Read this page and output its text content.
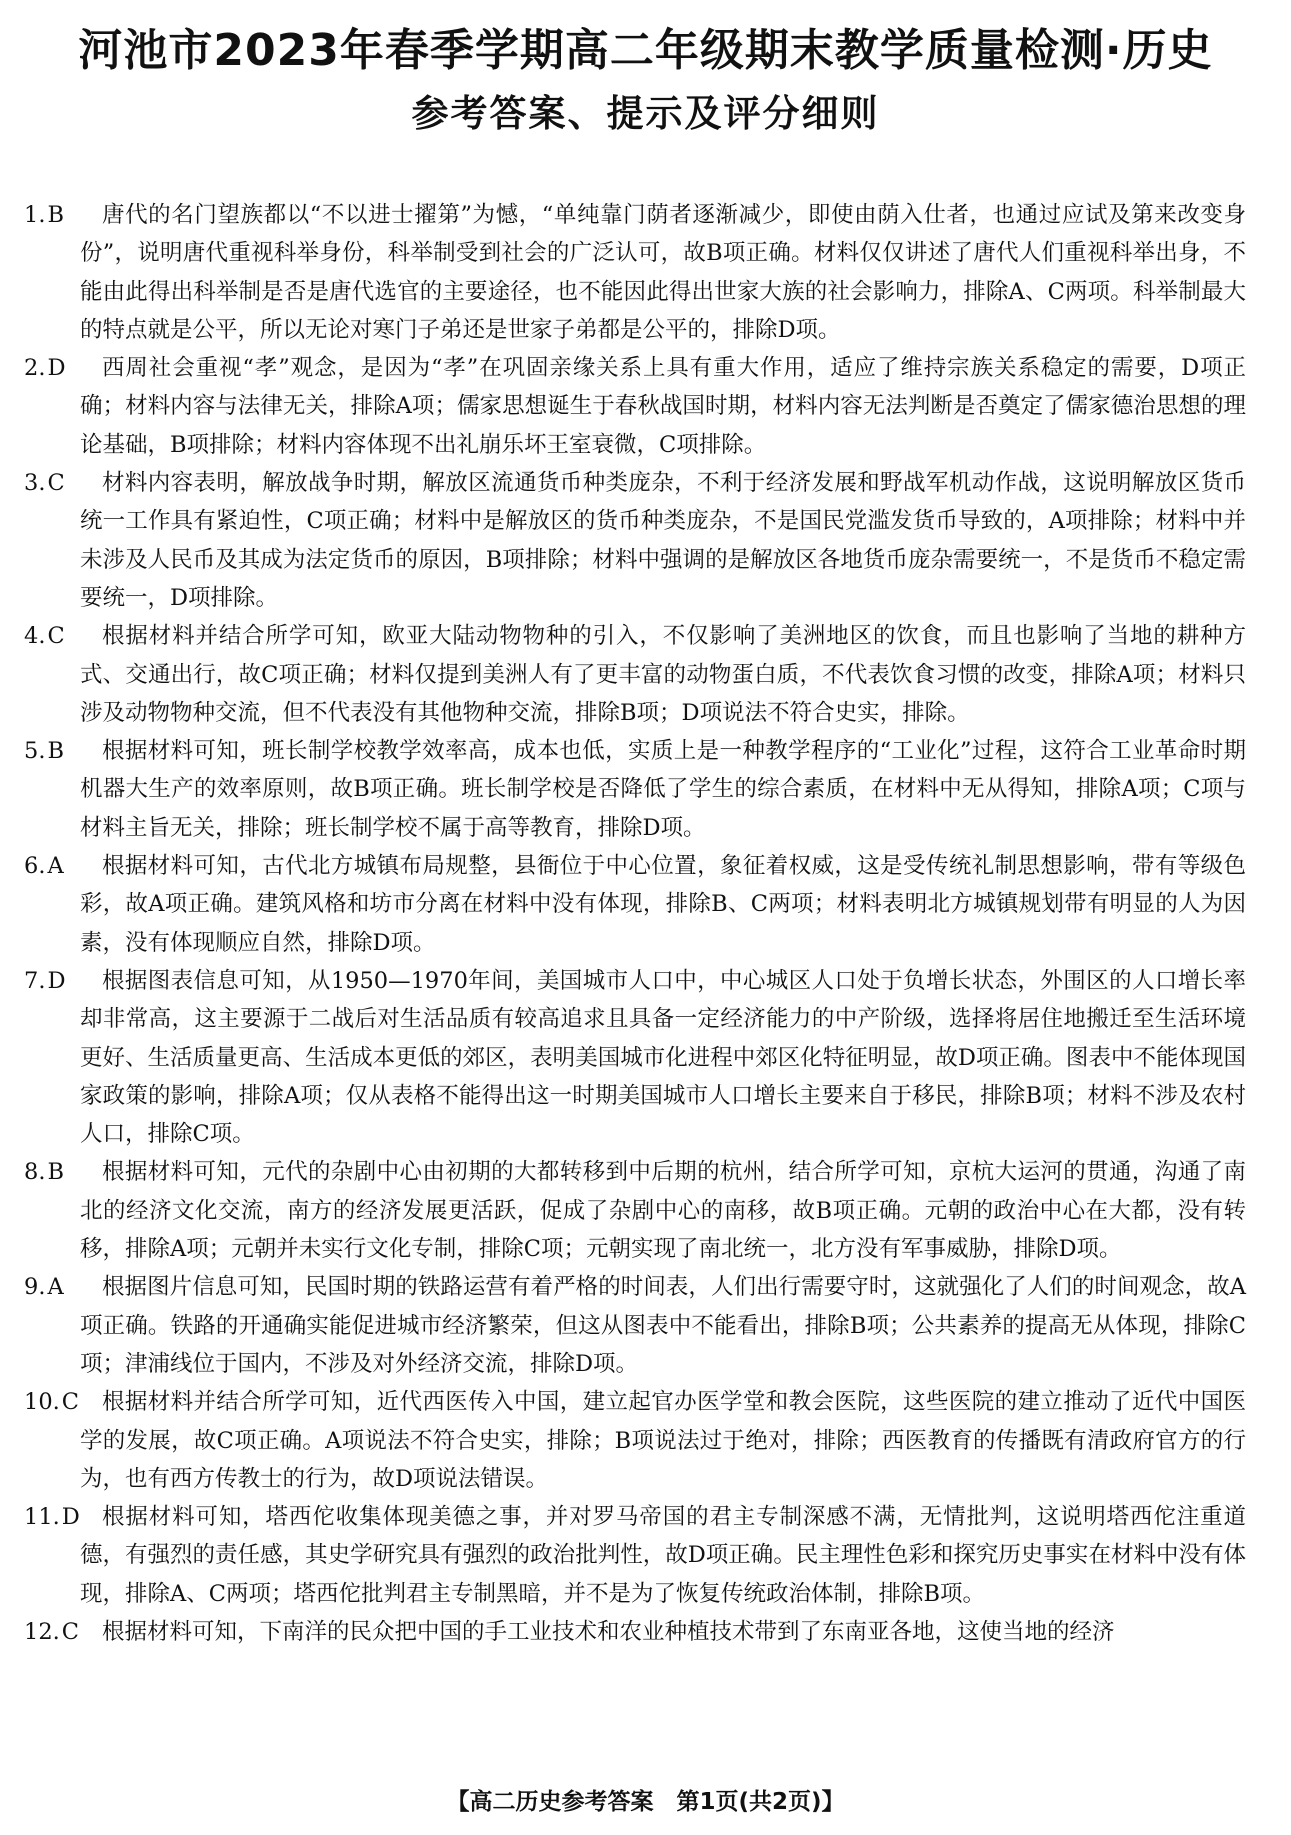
河池市2023年春季学期高二年级期末教学质量检测·历史
参考答案、提示及评分细则
1.B	唐代的名门望族都以“不以进士擢第”为憾，“单纯靠门荫者逐渐减少，即使由荫入仕者，也通过应试及第来改变身份”，说明唐代重视科举身份，科举制受到社会的广泛认可，故B项正确。材料仅仅讲述了唐代人们重视科举出身，不能由此得出科举制是否是唐代选官的主要途径，也不能因此得出世家大族的社会影响力，排除A、C两项。科举制最大的特点就是公平，所以无论对寒门子弟还是世家子弟都是公平的，排除D项。
2.D	西周社会重视“孝”观念，是因为“孝”在巩固亲缘关系上具有重大作用，适应了维持宗族关系稳定的需要，D项正确；材料内容与法律无关，排除A项；儒家思想诞生于春秋战国时期，材料内容无法判断是否奠定了儒家德治思想的理论基础，B项排除；材料内容体现不出礼崩乐坏王室衰微，C项排除。
3.C	材料内容表明，解放战争时期，解放区流通货币种类庞杂，不利于经济发展和野战军机动作战，这说明解放区货币统一工作具有紧迫性，C项正确；材料中是解放区的货币种类庞杂，不是国民党滥发货币导致的，A项排除；材料中并未涉及人民币及其成为法定货币的原因，B项排除；材料中强调的是解放区各地货币庞杂需要统一，不是货币不稳定需要统一，D项排除。
4.C	根据材料并结合所学可知，欧亚大陆动物物种的引入，不仅影响了美洲地区的饮食，而且也影响了当地的耕种方式、交通出行，故C项正确；材料仅提到美洲人有了更丰富的动物蛋白质，不代表饮食习惯的改变，排除A项；材料只涉及动物物种交流，但不代表没有其他物种交流，排除B项；D项说法不符合史实，排除。
5.B	根据材料可知，班长制学校教学效率高，成本也低，实质上是一种教学程序的“工业化”过程，这符合工业革命时期机器大生产的效率原则，故B项正确。班长制学校是否降低了学生的综合素质，在材料中无从得知，排除A项；C项与材料主旨无关，排除；班长制学校不属于高等教育，排除D项。
6.A	根据材料可知，古代北方城镇布局规整，县衙位于中心位置，象征着权威，这是受传统礼制思想影响，带有等级色彩，故A项正确。建筑风格和坊市分离在材料中没有体现，排除B、C两项；材料表明北方城镇规划带有明显的人为因素，没有体现顺应自然，排除D项。
7.D	根据图表信息可知，从1950—1970年间，美国城市人口中，中心城区人口处于负增长状态，外围区的人口增长率却非常高，这主要源于二战后对生活品质有较高追求且具备一定经济能力的中产阶级，选择将居住地搬迁至生活环境更好、生活质量更高、生活成本更低的郊区，表明美国城市化进程中郊区化特征明显，故D项正确。图表中不能体现国家政策的影响，排除A项；仅从表格不能得出这一时期美国城市人口增长主要来自于移民，排除B项；材料不涉及农村人口，排除C项。
8.B	根据材料可知，元代的杂剧中心由初期的大都转移到中后期的杭州，结合所学可知，京杭大运河的贯通，沟通了南北的经济文化交流，南方的经济发展更活跃，促成了杂剧中心的南移，故B项正确。元朝的政治中心在大都，没有转移，排除A项；元朝并未实行文化专制，排除C项；元朝实现了南北统一，北方没有军事威胁，排除D项。
9.A	根据图片信息可知，民国时期的铁路运营有着严格的时间表，人们出行需要守时，这就强化了人们的时间观念，故A项正确。铁路的开通确实能促进城市经济繁荣，但这从图表中不能看出，排除B项；公共素养的提高无从体现，排除C项；津浦线位于国内，不涉及对外经济交流，排除D项。
10.C	根据材料并结合所学可知，近代西医传入中国，建立起官办医学堂和教会医院，这些医院的建立推动了近代中国医学的发展，故C项正确。A项说法不符合史实，排除；B项说法过于绝对，排除；西医教育的传播既有清政府官方的行为，也有西方传教士的行为，故D项说法错误。
11.D 根据材料可知，塔西佗收集体现美德之事，并对罗马帝国的君主专制深感不满，无情批判，这说明塔西佗注重道德，有强烈的责任感，其史学研究具有强烈的政治批判性，故D项正确。民主理性色彩和探究历史事实在材料中没有体现，排除A、C两项；塔西佗批判君主专制黑暗，并不是为了恢复传统政治体制，排除B项。
12.C	根据材料可知，下南洋的民众把中国的手工业技术和农业种植技术带到了东南亚各地，这使当地的经济
【高二历史参考答案　第1页(共2页)】
